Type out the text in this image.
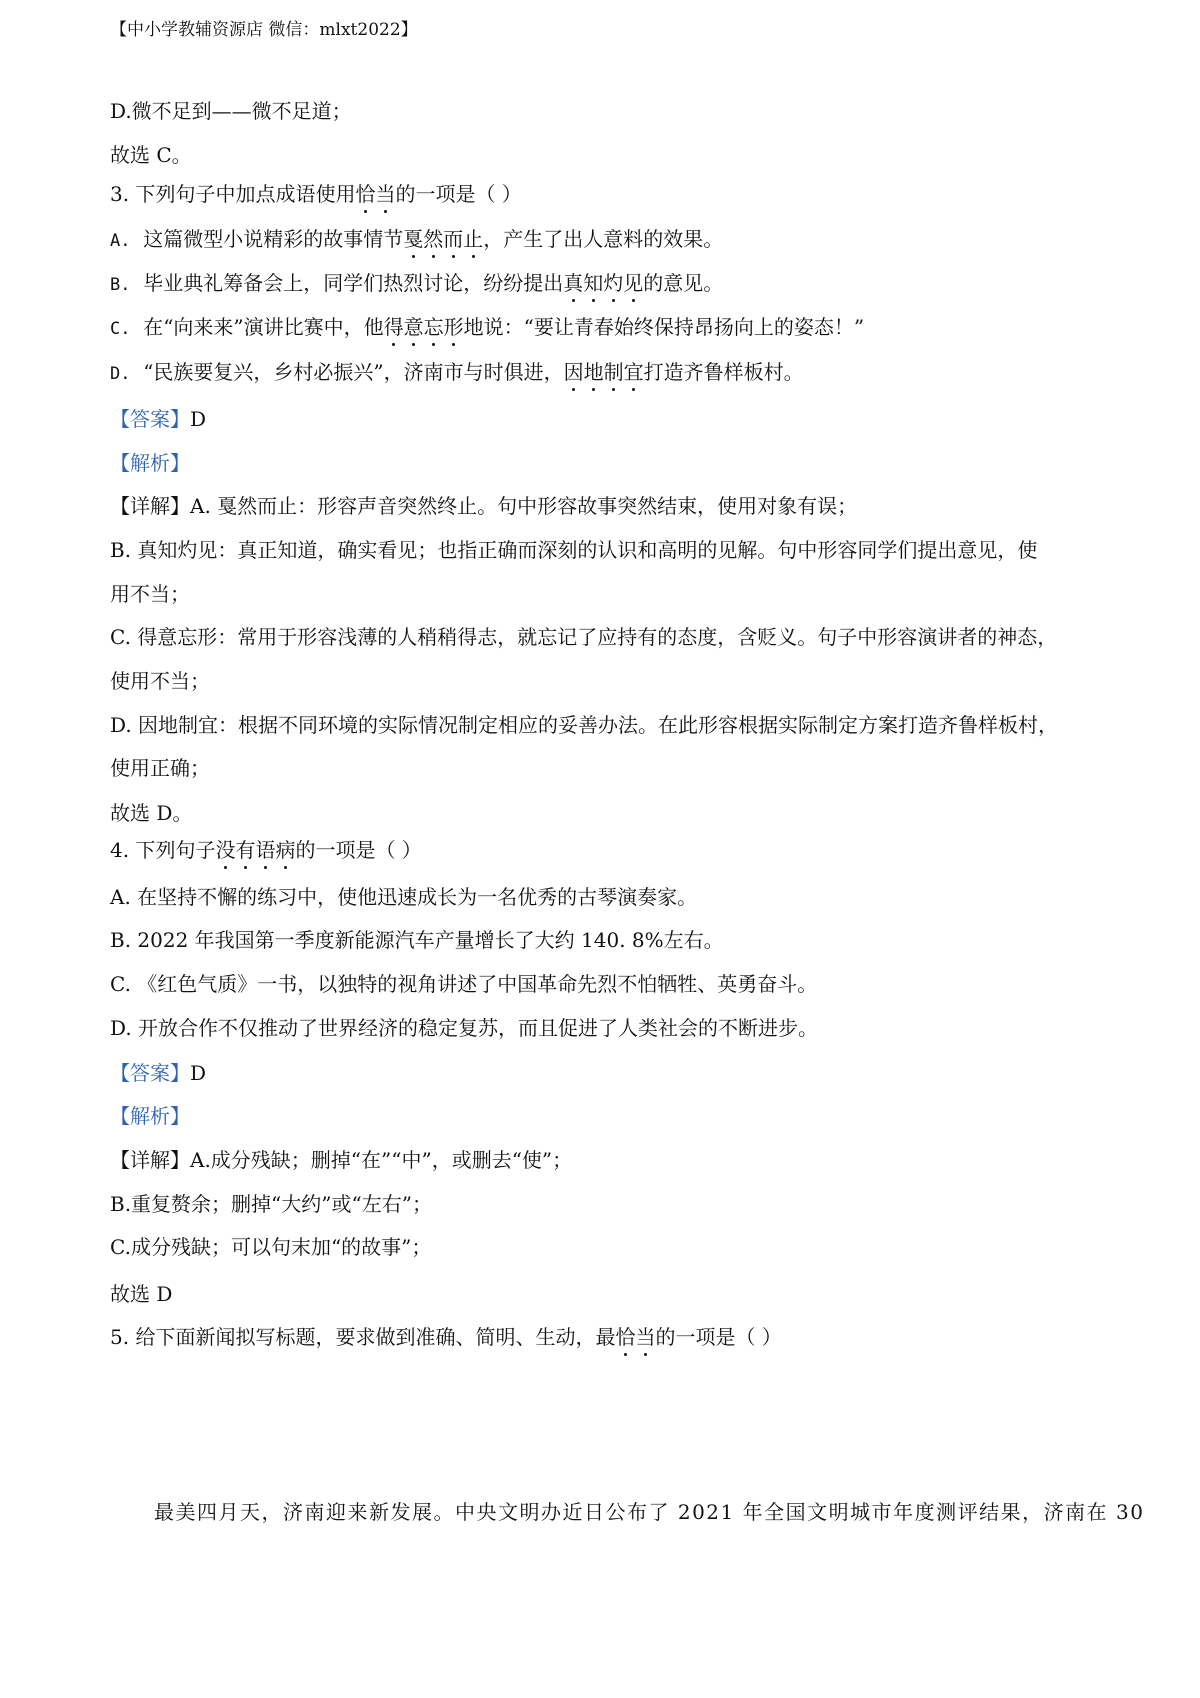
【中小学教辅资源店 微信：mlxt2022】
D.微不足到——微不足道；
故选 C。
3. 下列句子中加点成语使用恰当的一项是（ ）
A. 这篇微型小说精彩的故事情节戛然而止，产生了出人意料的效果。
B. 毕业典礼筹备会上，同学们热烈讨论，纷纷提出真知灼见的意见。
C. 在“向来来”演讲比赛中，他得意忘形地说：“要让青春始终保持昂扬向上的姿态！”
D. “民族要复兴，乡村必振兴”，济南市与时俱进，因地制宜打造齐鲁样板村。
【答案】D
【解析】
【详解】A. 戛然而止：形容声音突然终止。句中形容故事突然结束，使用对象有误；
B. 真知灼见：真正知道，确实看见；也指正确而深刻的认识和高明的见解。句中形容同学们提出意见，使
用不当；
C. 得意忘形：常用于形容浅薄的人稍稍得志，就忘记了应持有的态度，含贬义。句子中形容演讲者的神态，
使用不当；
D. 因地制宜：根据不同环境的实际情况制定相应的妥善办法。在此形容根据实际制定方案打造齐鲁样板村，
使用正确；
故选 D。
4. 下列句子没有语病的一项是（ ）
A. 在坚持不懈的练习中，使他迅速成长为一名优秀的古琴演奏家。
B. 2022 年我国第一季度新能源汽车产量增长了大约 140. 8%左右。
C. 《红色气质》一书，以独特的视角讲述了中国革命先烈不怕牺牲、英勇奋斗。
D. 开放合作不仅推动了世界经济的稳定复苏，而且促进了人类社会的不断进步。
【答案】D
【解析】
【详解】A.成分残缺；删掉“在”“中”，或删去“使”；
B.重复赘余；删掉“大约”或“左右”；
C.成分残缺；可以句末加“的故事”；
故选 D
5. 给下面新闻拟写标题，要求做到准确、简明、生动，最恰当的一项是（ ）
最美四月天，济南迎来新发展。中央文明办近日公布了 2021 年全国文明城市年度测评结果，济南在 30
